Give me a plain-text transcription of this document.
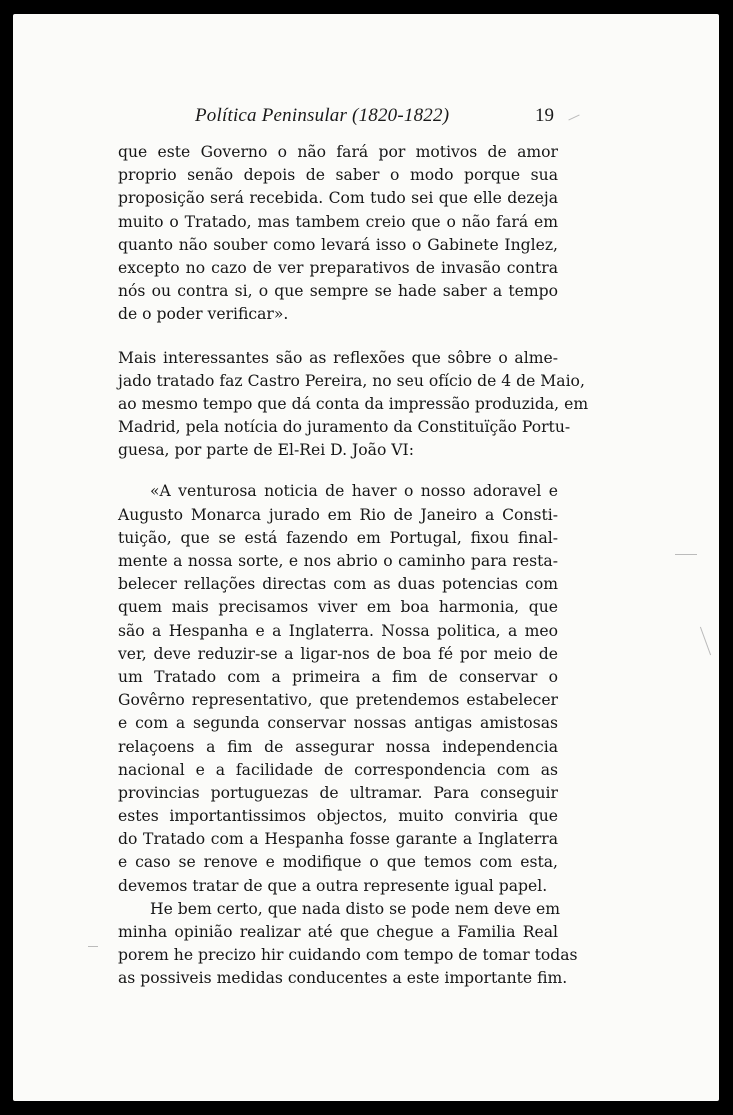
Política Peninsular (1820-1822)	19
que este Governo o não fará por motivos de amor
proprio senão depois de saber o modo porque sua
proposição será recebida. Com tudo sei que elle dezeja
muito o Tratado, mas tambem creio que o não fará em
quanto não souber como levará isso o Gabinete Inglez,
excepto no cazo de ver preparativos de invasão contra
nós ou contra si, o que sempre se hade saber a tempo
de o poder verificar».
Mais interessantes são as reflexões que sôbre o alme-
jado tratado faz Castro Pereira, no seu ofício de 4 de Maio,
ao mesmo tempo que dá conta da impressão produzida, em
Madrid, pela notícia do juramento da Constituïção Portu-
guesa, por parte de El-Rei D. João VI:
«A venturosa noticia de haver o nosso adoravel e
Augusto Monarca jurado em Rio de Janeiro a Consti-
tuição, que se está fazendo em Portugal, fixou final-
mente a nossa sorte, e nos abrio o caminho para resta-
belecer rellações directas com as duas potencias com
quem mais precisamos viver em boa harmonia, que
são a Hespanha e a Inglaterra. Nossa politica, a meo
ver, deve reduzir-se a ligar-nos de boa fé por meio de
um Tratado com a primeira a fim de conservar o
Govêrno representativo, que pretendemos estabelecer
e com a segunda conservar nossas antigas amistosas
relaçoens a fim de assegurar nossa independencia
nacional e a facilidade de correspondencia com as
provincias portuguezas de ultramar. Para conseguir
estes importantissimos objectos, muito conviria que
do Tratado com a Hespanha fosse garante a Inglaterra
e caso se renove e modifique o que temos com esta,
devemos tratar de que a outra represente igual papel.
He bem certo, que nada disto se pode nem deve em
minha opinião realizar até que chegue a Familia Real
porem he precizo hir cuidando com tempo de tomar todas
as possiveis medidas conducentes a este importante fim.
